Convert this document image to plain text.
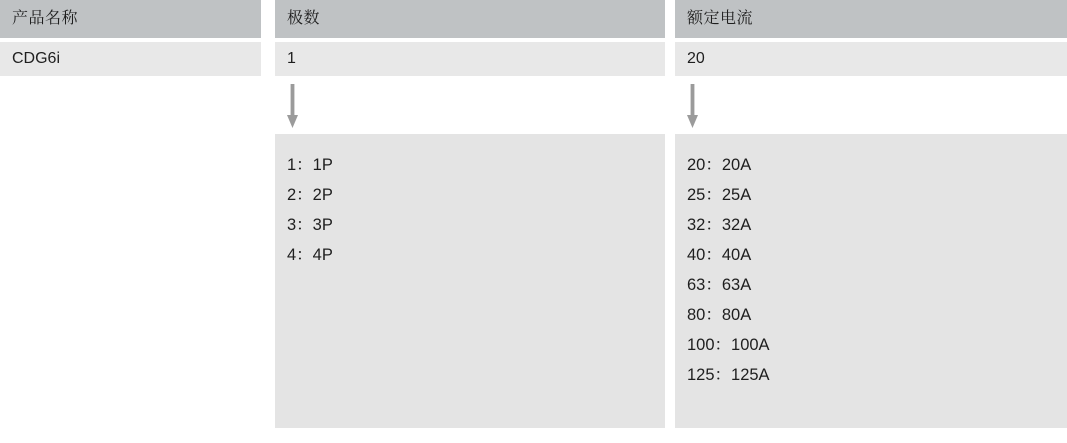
产品名称
CDG6i
极数
1
1：1P
2：2P
3：3P
4：4P
额定电流
20
20：20A
25：25A
32：32A
40：40A
63：63A
80：80A
100：100A
125：125A
